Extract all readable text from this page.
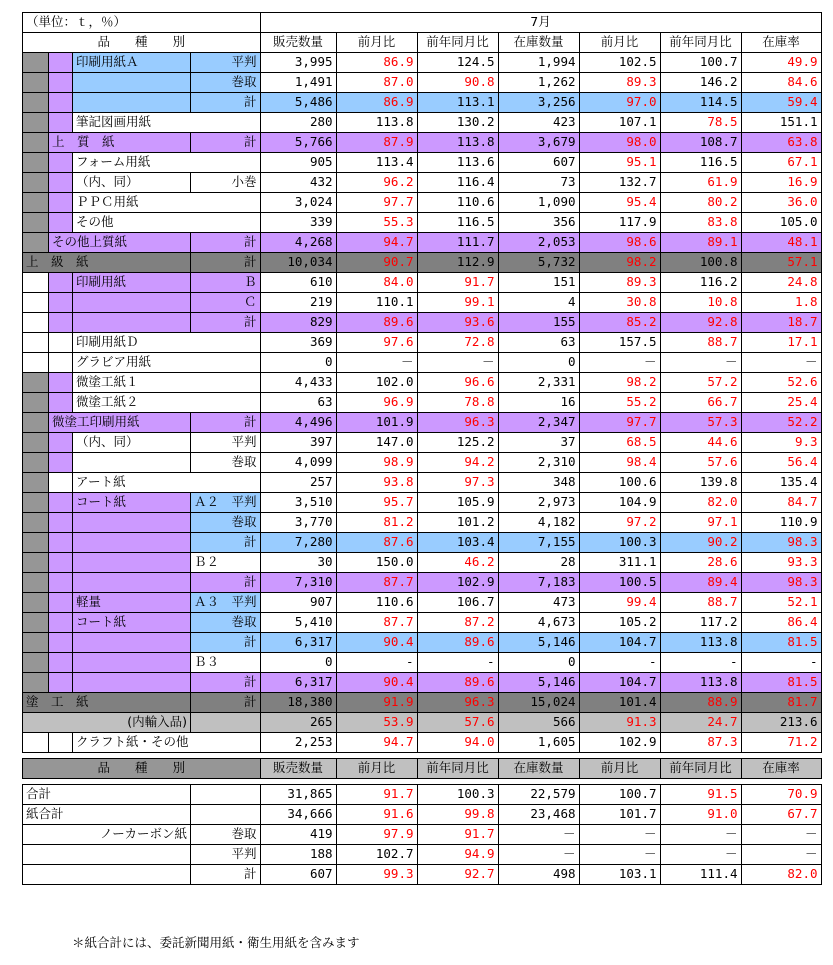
（単位：ｔ，％）				7月						
品　　種　　別				販売数量	前月比	前年同月比	在庫数量	前月比	前年同月比	在庫率
		印刷用紙Ａ	平判	3,995	86.9	124.5	1,994	102.5	100.7	49.9
			巻取	1,491	87.0	90.8	1,262	89.3	146.2	84.6
			計	5,486	86.9	113.1	3,256	97.0	114.5	59.4
		筆記図画用紙		280	113.8	130.2	423	107.1	78.5	151.1
	上　質　紙		計	5,766	87.9	113.8	3,679	98.0	108.7	63.8
		フォーム用紙		905	113.4	113.6	607	95.1	116.5	67.1
		（内、同）	小巻	432	96.2	116.4	73	132.7	61.9	16.9
		ＰＰＣ用紙		3,024	97.7	110.6	1,090	95.4	80.2	36.0
		その他		339	55.3	116.5	356	117.9	83.8	105.0
	その他上質紙		計	4,268	94.7	111.7	2,053	98.6	89.1	48.1
上　級　紙			計	10,034	90.7	112.9	5,732	98.2	100.8	57.1
		印刷用紙	Ｂ	610	84.0	91.7	151	89.3	116.2	24.8
			Ｃ	219	110.1	99.1	4	30.8	10.8	1.8
			計	829	89.6	93.6	155	85.2	92.8	18.7
		印刷用紙Ｄ		369	97.6	72.8	63	157.5	88.7	17.1
		グラビア用紙		0	－	－	0	－	－	－
		微塗工紙１		4,433	102.0	96.6	2,331	98.2	57.2	52.6
		微塗工紙２		63	96.9	78.8	16	55.2	66.7	25.4
	微塗工印刷用紙		計	4,496	101.9	96.3	2,347	97.7	57.3	52.2
		（内、同）	平判	397	147.0	125.2	37	68.5	44.6	9.3
			巻取	4,099	98.9	94.2	2,310	98.4	57.6	56.4
		アート紙		257	93.8	97.3	348	100.6	139.8	135.4
		コート紙	Ａ２　平判	3,510	95.7	105.9	2,973	104.9	82.0	84.7
			巻取	3,770	81.2	101.2	4,182	97.2	97.1	110.9
			計	7,280	87.6	103.4	7,155	100.3	90.2	98.3
			Ｂ２　	30	150.0	46.2	28	311.1	28.6	93.3
			計	7,310	87.7	102.9	7,183	100.5	89.4	98.3
		軽量	Ａ３　平判	907	110.6	106.7	473	99.4	88.7	52.1
		コート紙	巻取	5,410	87.7	87.2	4,673	105.2	117.2	86.4
			計	6,317	90.4	89.6	5,146	104.7	113.8	81.5
			Ｂ３　	0	-	-	0	-	-	-
			計	6,317	90.4	89.6	5,146	104.7	113.8	81.5
塗　工　紙			計	18,380	91.9	96.3	15,024	101.4	88.9	81.7
(内輸入品)				265	53.9	57.6	566	91.3	24.7	213.6
		クラフト紙・その他		2,253	94.7	94.0	1,605	102.9	87.3	71.2

品　　種　　別				販売数量	前月比	前年同月比	在庫数量	前月比	前年同月比	在庫率

合計				31,865	91.7	100.3	22,579	100.7	91.5	70.9
紙合計				34,666	91.6	99.8	23,468	101.7	91.0	67.7
ノーカーボン紙			巻取	419	97.9	91.7	－	－	－	－
			平判	188	102.7	94.9	－	－	－	－
			計	607	99.3	92.7	498	103.1	111.4	82.0
＊紙合計には、委託新聞用紙・衛生用紙を含みます
